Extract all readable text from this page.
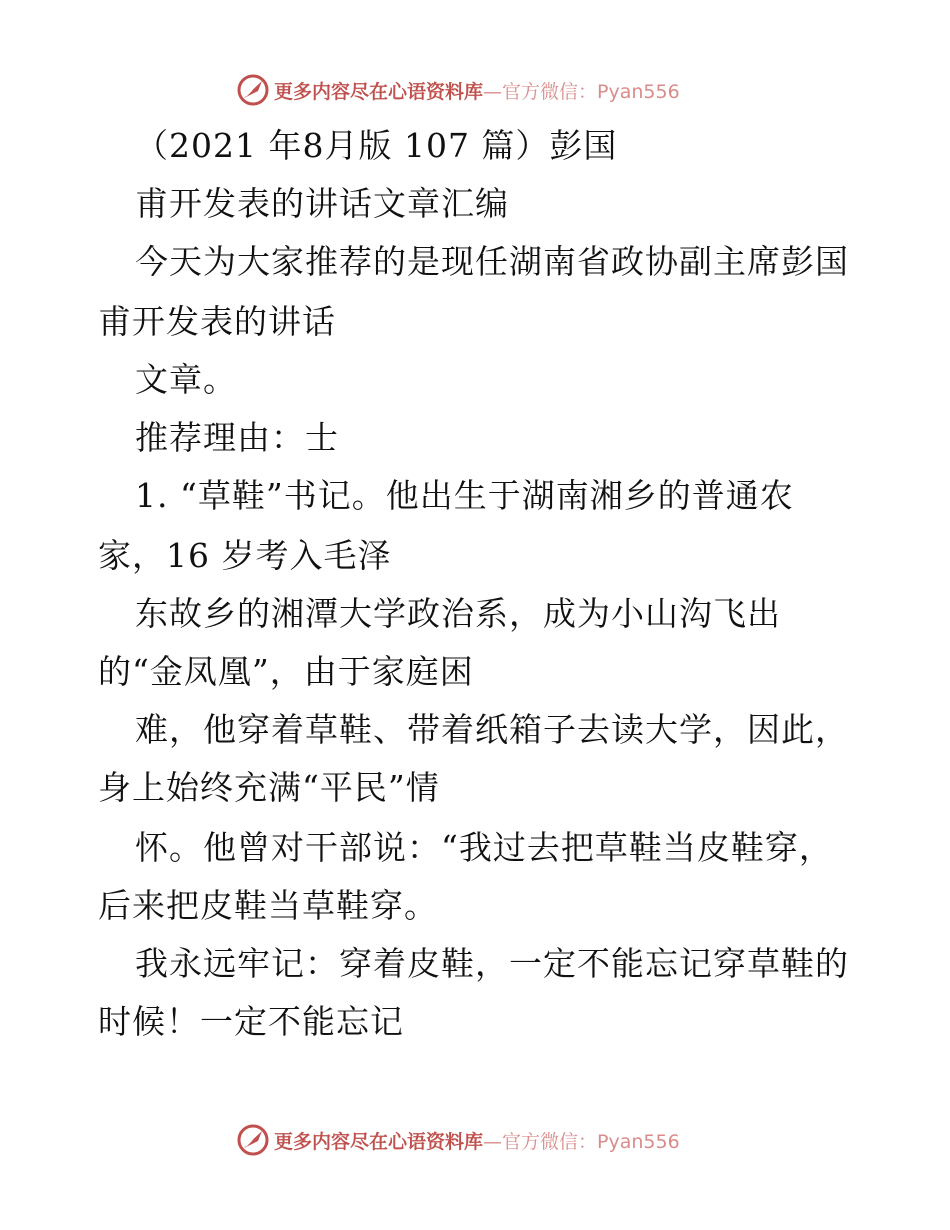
更多内容尽在心语资料库—官方微信：Pyan556
（2021 年8月版 107 篇）彭国
甫开发表的讲话文章汇编
今天为大家推荐的是现任湖南省政协副主席彭国
甫开发表的讲话
文章。
推荐理由：士
1. “草鞋”书记。他出生于湖南湘乡的普通农
家，16 岁考入毛泽
东故乡的湘潭大学政治系，成为小山沟飞出
的“金凤凰”，由于家庭困
难，他穿着草鞋、带着纸箱子去读大学，因此，
身上始终充满“平民”情
怀。他曾对干部说：“我过去把草鞋当皮鞋穿，
后来把皮鞋当草鞋穿。
我永远牢记：穿着皮鞋，一定不能忘记穿草鞋的
时候！一定不能忘记
更多内容尽在心语资料库—官方微信：Pyan556
